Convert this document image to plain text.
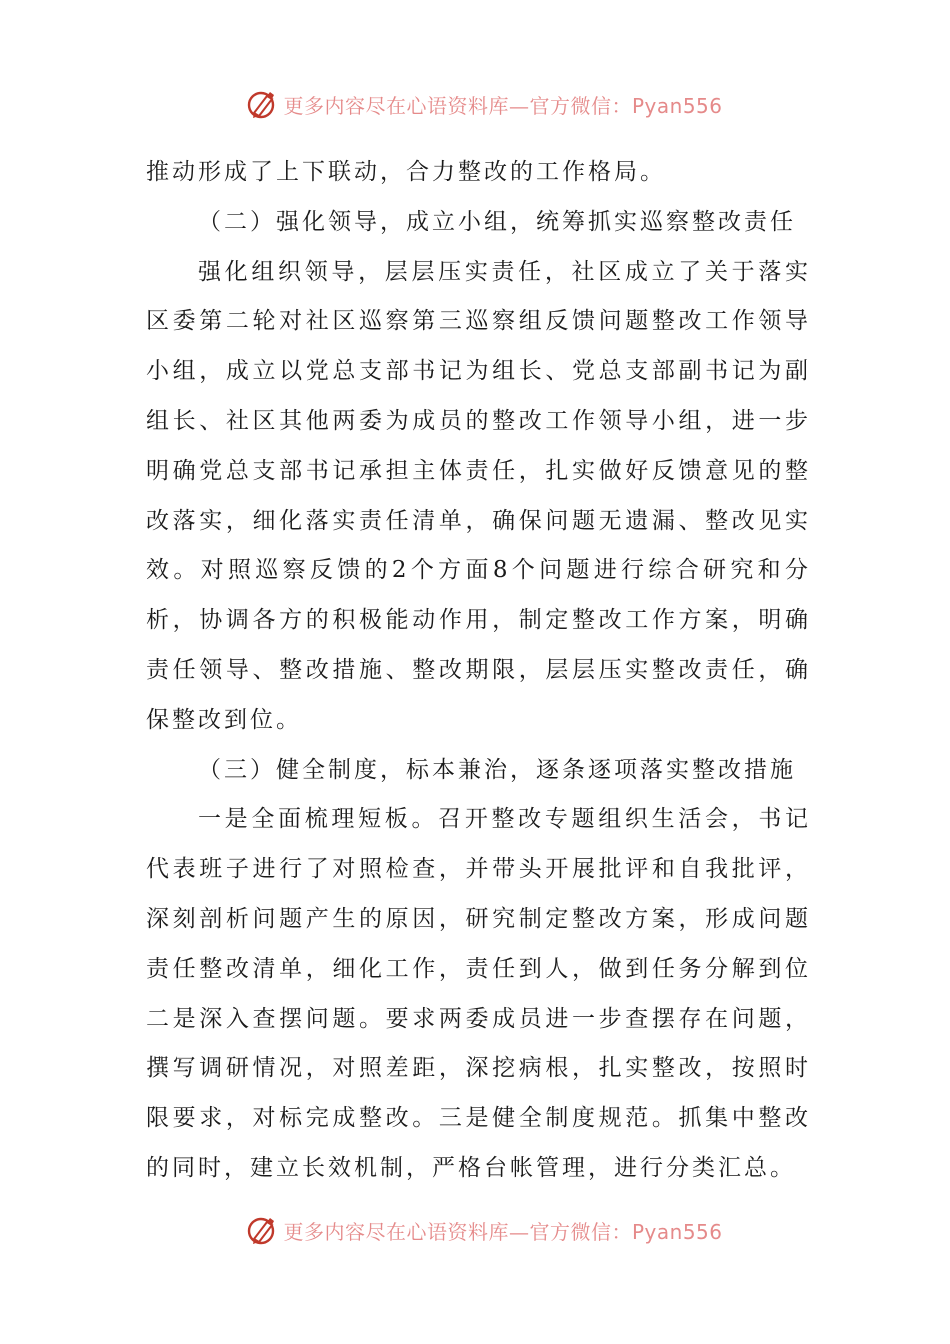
更多内容尽在心语资料库—官方微信：Pyan556

推动形成了上下联动，合力整改的工作格局。

（二）强化领导，成立小组，统筹抓实巡察整改责任

强化组织领导，层层压实责任，社区成立了关于落实区委第二轮对社区巡察第三巡察组反馈问题整改工作领导小组，成立以党总支部书记为组长、党总支部副书记为副组长、社区其他两委为成员的整改工作领导小组，进一步明确党总支部书记承担主体责任，扎实做好反馈意见的整改落实，细化落实责任清单，确保问题无遗漏、整改见实效。对照巡察反馈的2个方面8个问题进行综合研究和分析，协调各方的积极能动作用，制定整改工作方案，明确责任领导、整改措施、整改期限，层层压实整改责任，确保整改到位。

（三）健全制度，标本兼治，逐条逐项落实整改措施

一是全面梳理短板。召开整改专题组织生活会，书记代表班子进行了对照检查，并带头开展批评和自我批评，深刻剖析问题产生的原因，研究制定整改方案，形成问题责任整改清单，细化工作，责任到人，做到任务分解到位二是深入查摆问题。要求两委成员进一步查摆存在问题，撰写调研情况，对照差距，深挖病根，扎实整改，按照时限要求，对标完成整改。三是健全制度规范。抓集中整改的同时，建立长效机制，严格台帐管理，进行分类汇总。

更多内容尽在心语资料库—官方微信：Pyan556
